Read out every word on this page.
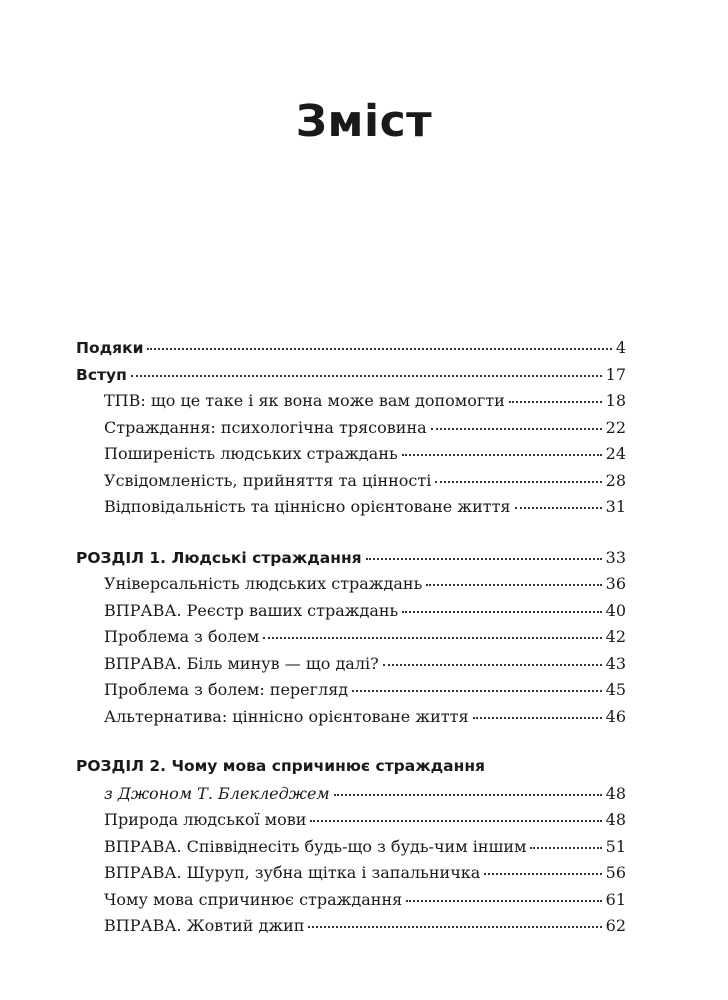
Зміст
Подяки	4
Вступ	17
ТПВ: що це таке і як вона може вам допомогти	18
Страждання: психологічна трясовина	22
Поширеність людських страждань	24
Усвідомленість, прийняття та цінності	28
Відповідальність та ціннісно орієнтоване життя	31
РОЗДІЛ 1. Людські страждання	33
Універсальність людських страждань	36
ВПРАВА. Реєстр ваших страждань	40
Проблема з болем	42
ВПРАВА. Біль минув — що далі?	43
Проблема з болем: перегляд	45
Альтернатива: ціннісно орієнтоване життя	46
РОЗДІЛ 2. Чому мова спричинює страждання
з Джоном Т. Блекледжем	48
Природа людської мови	48
ВПРАВА. Співвіднесіть будь-що з будь-чим іншим	51
ВПРАВА. Шуруп, зубна щітка і запальничка	56
Чому мова спричинює страждання	61
ВПРАВА. Жовтий джип	62
